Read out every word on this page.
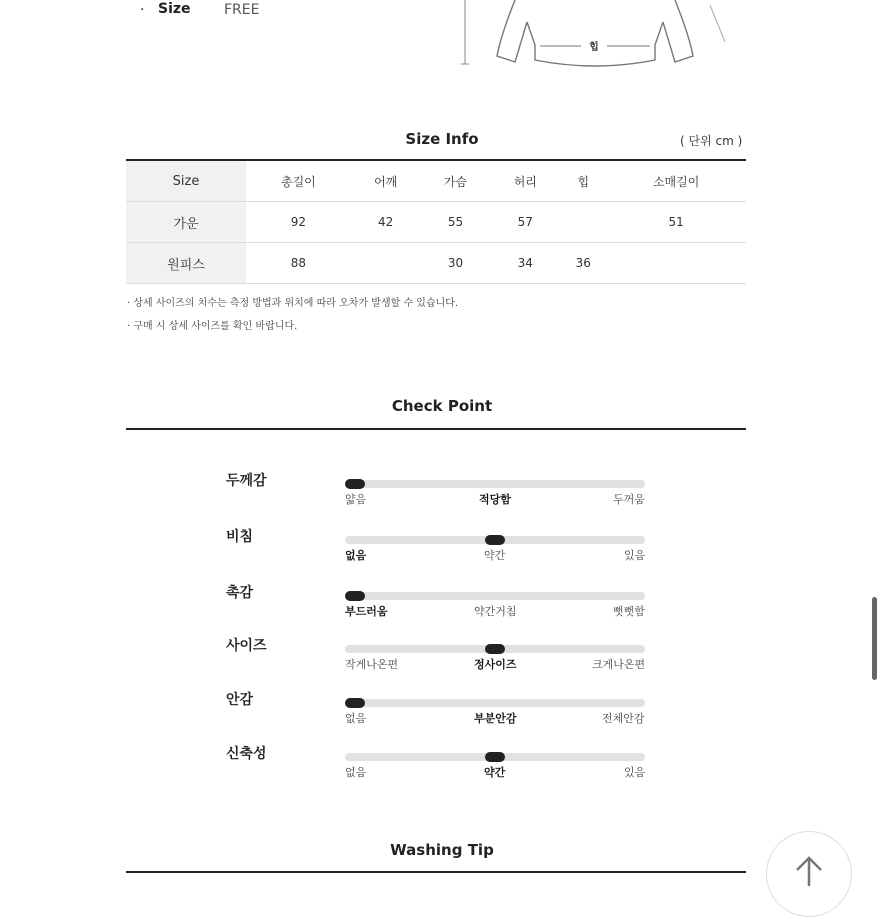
· Size FREE
힙
Size Info	( 단위 cm )
Size	총길이	어깨	가슴	허리	힙	소매길이
가운	92	42	55	57		51
원피스	88		30	34	36	
· 상세 사이즈의 치수는 측정 방법과 위치에 따라 오차가 발생할 수 있습니다.
· 구매 시 상세 사이즈를 확인 바랍니다.
Check Point
두께감
얇음	적당함	두꺼움
비침
없음	약간	있음
촉감
부드러움	약간거침	뻣뻣함
사이즈
작게나온편	정사이즈	크게나온편
안감
없음	부분안감	전체안감
신축성
없음	약간	있음
Washing Tip
